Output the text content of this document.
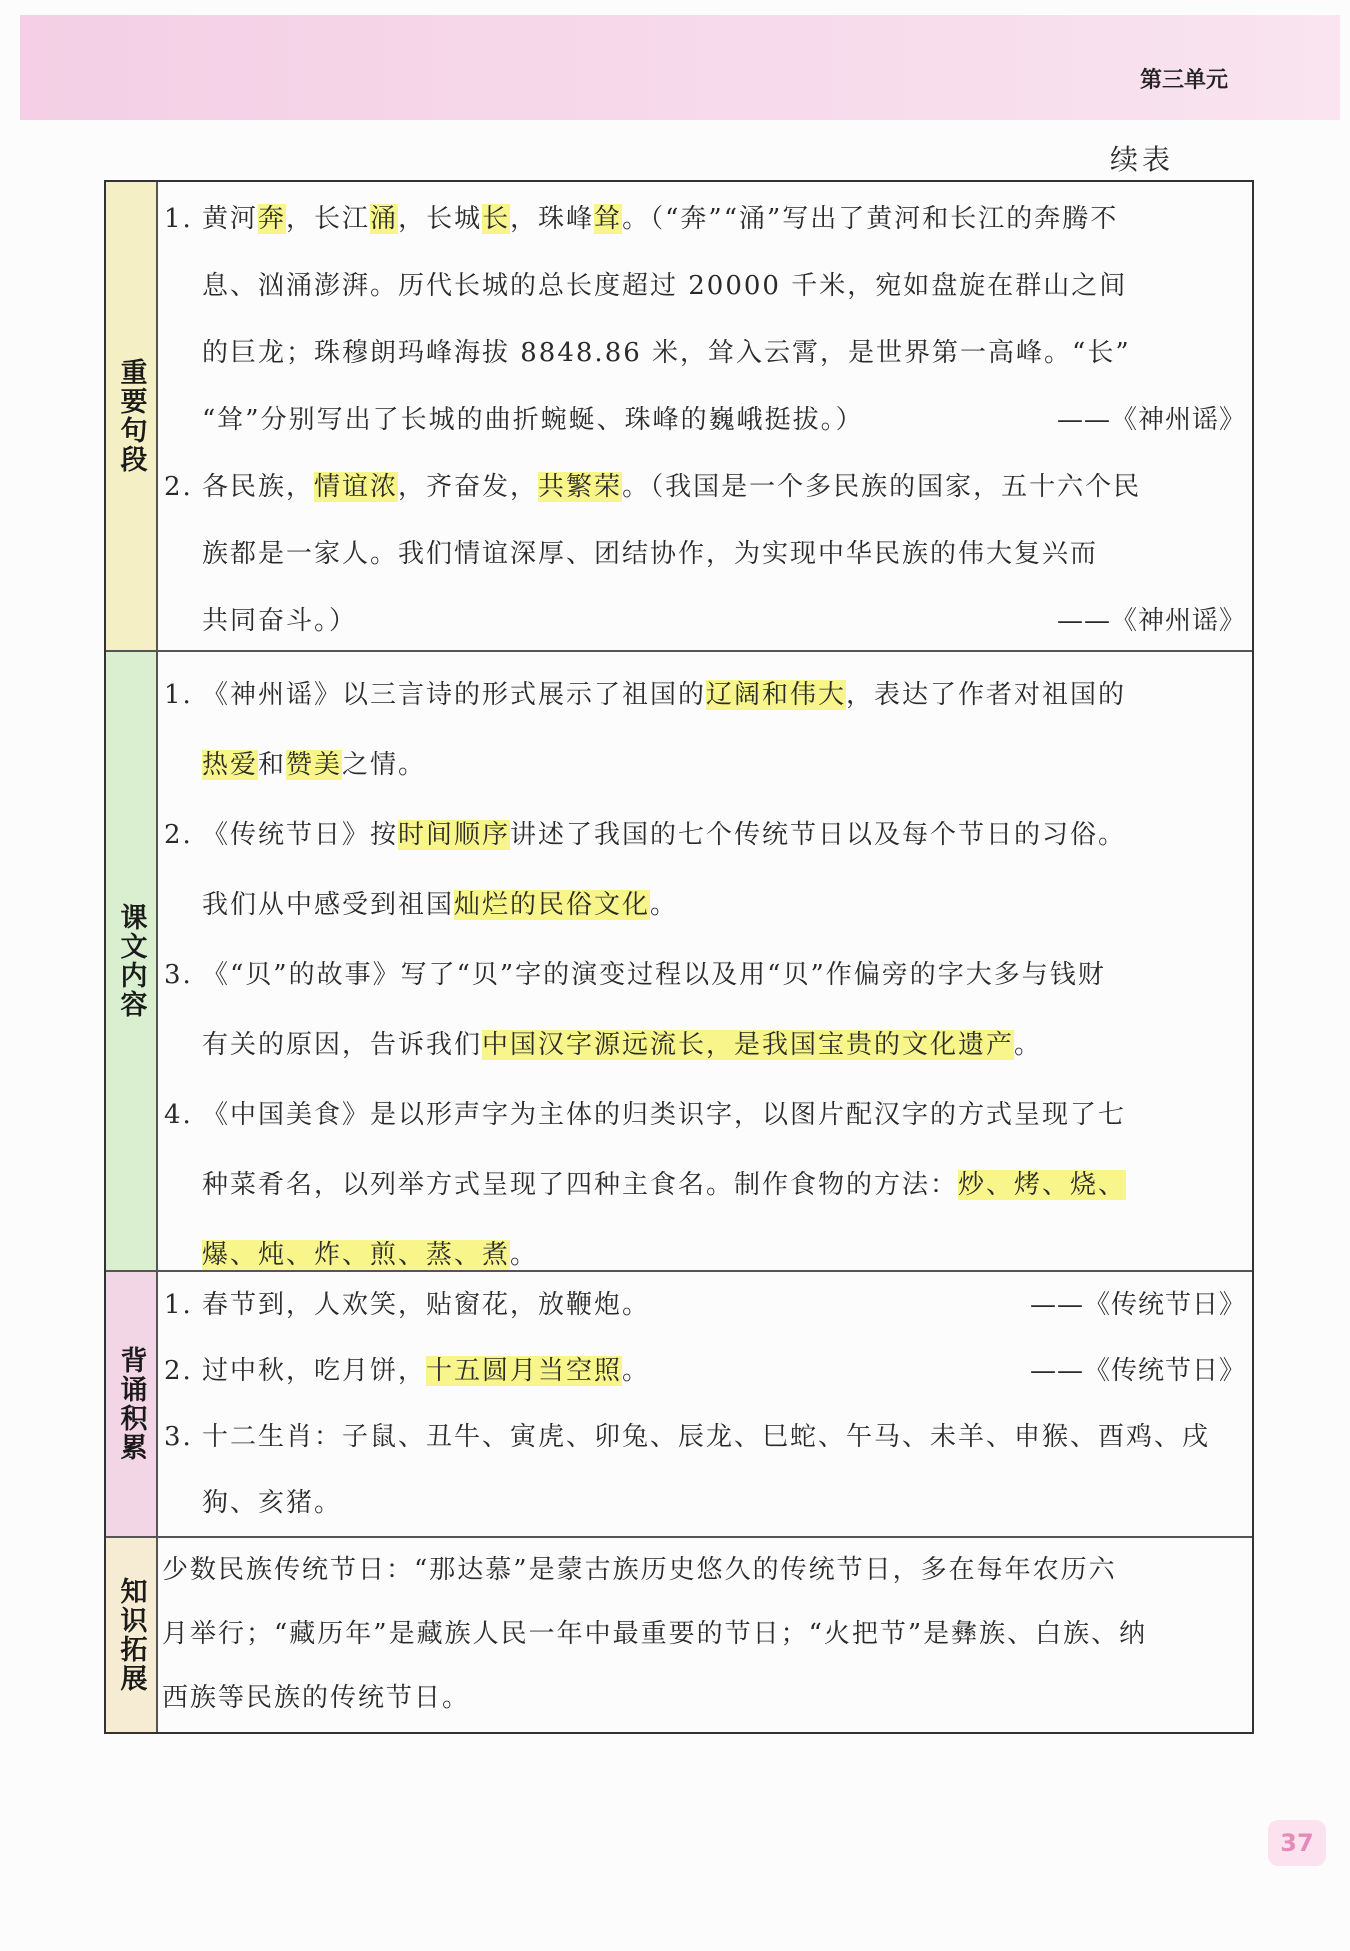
第三单元
续表
重要句段
1. 黄河奔，长江涌，长城长，珠峰耸。（“奔”“涌”写出了黄河和长江的奔腾不
息、汹涌澎湃。历代长城的总长度超过 20000 千米，宛如盘旋在群山之间
的巨龙；珠穆朗玛峰海拔 8848.86 米，耸入云霄，是世界第一高峰。“长”
“耸”分别写出了长城的曲折蜿蜒、珠峰的巍峨挺拔。）	——《神州谣》
2. 各民族，情谊浓，齐奋发，共繁荣。（我国是一个多民族的国家，五十六个民
族都是一家人。我们情谊深厚、团结协作，为实现中华民族的伟大复兴而
共同奋斗。）	——《神州谣》
课文内容
1. 《神州谣》以三言诗的形式展示了祖国的辽阔和伟大，表达了作者对祖国的
热爱和赞美之情。
2. 《传统节日》按时间顺序讲述了我国的七个传统节日以及每个节日的习俗。
我们从中感受到祖国灿烂的民俗文化。
3. 《“贝”的故事》写了“贝”字的演变过程以及用“贝”作偏旁的字大多与钱财
有关的原因，告诉我们中国汉字源远流长，是我国宝贵的文化遗产。
4. 《中国美食》是以形声字为主体的归类识字，以图片配汉字的方式呈现了七
种菜肴名，以列举方式呈现了四种主食名。制作食物的方法：炒、烤、烧、
爆、炖、炸、煎、蒸、煮。
背诵积累
1. 春节到，人欢笑，贴窗花，放鞭炮。	——《传统节日》
2. 过中秋，吃月饼，十五圆月当空照。	——《传统节日》
3. 十二生肖：子鼠、丑牛、寅虎、卯兔、辰龙、巳蛇、午马、未羊、申猴、酉鸡、戌
狗、亥猪。
知识拓展
少数民族传统节日：“那达慕”是蒙古族历史悠久的传统节日，多在每年农历六
月举行；“藏历年”是藏族人民一年中最重要的节日；“火把节”是彝族、白族、纳
西族等民族的传统节日。
37
